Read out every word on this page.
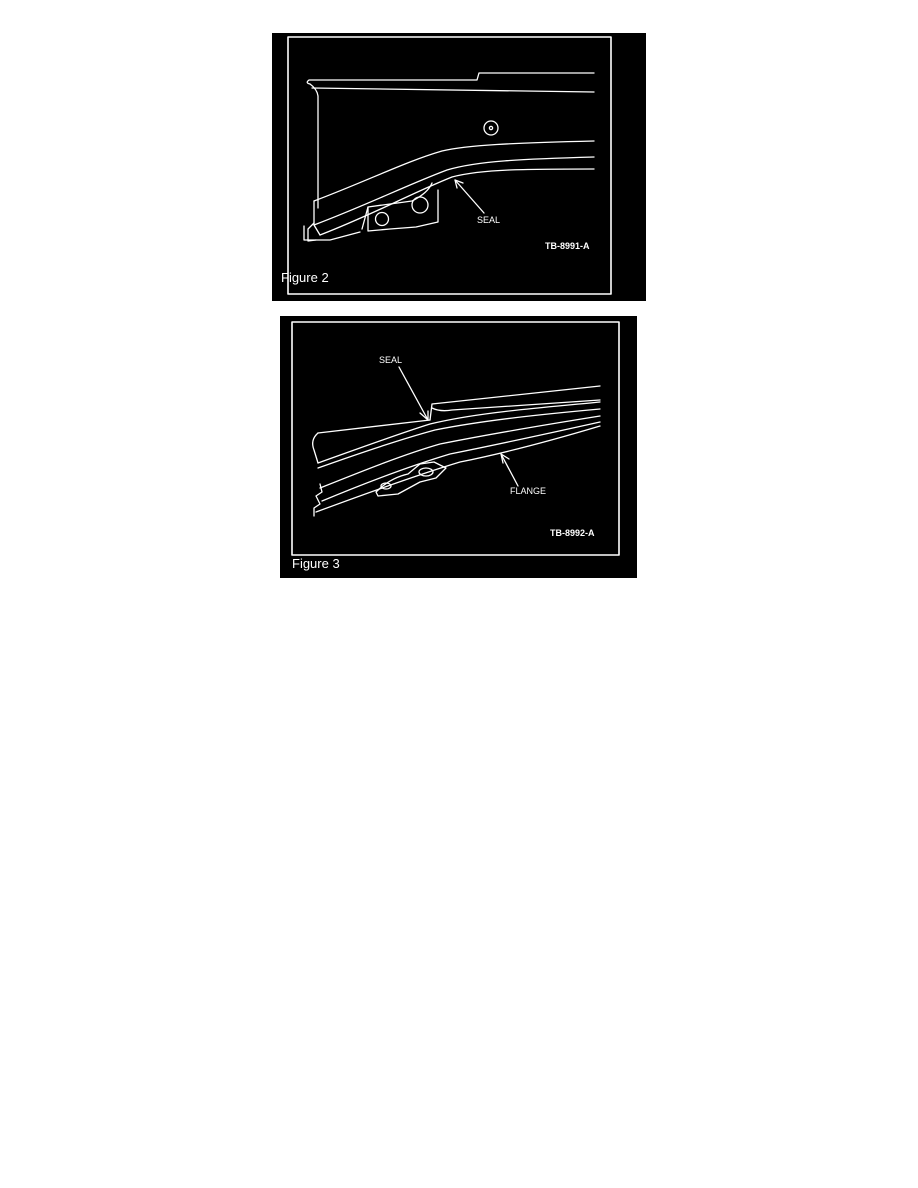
SEAL
TB-8991-A
Figure 2
SEAL
FLANGE
TB-8992-A
Figure 3
